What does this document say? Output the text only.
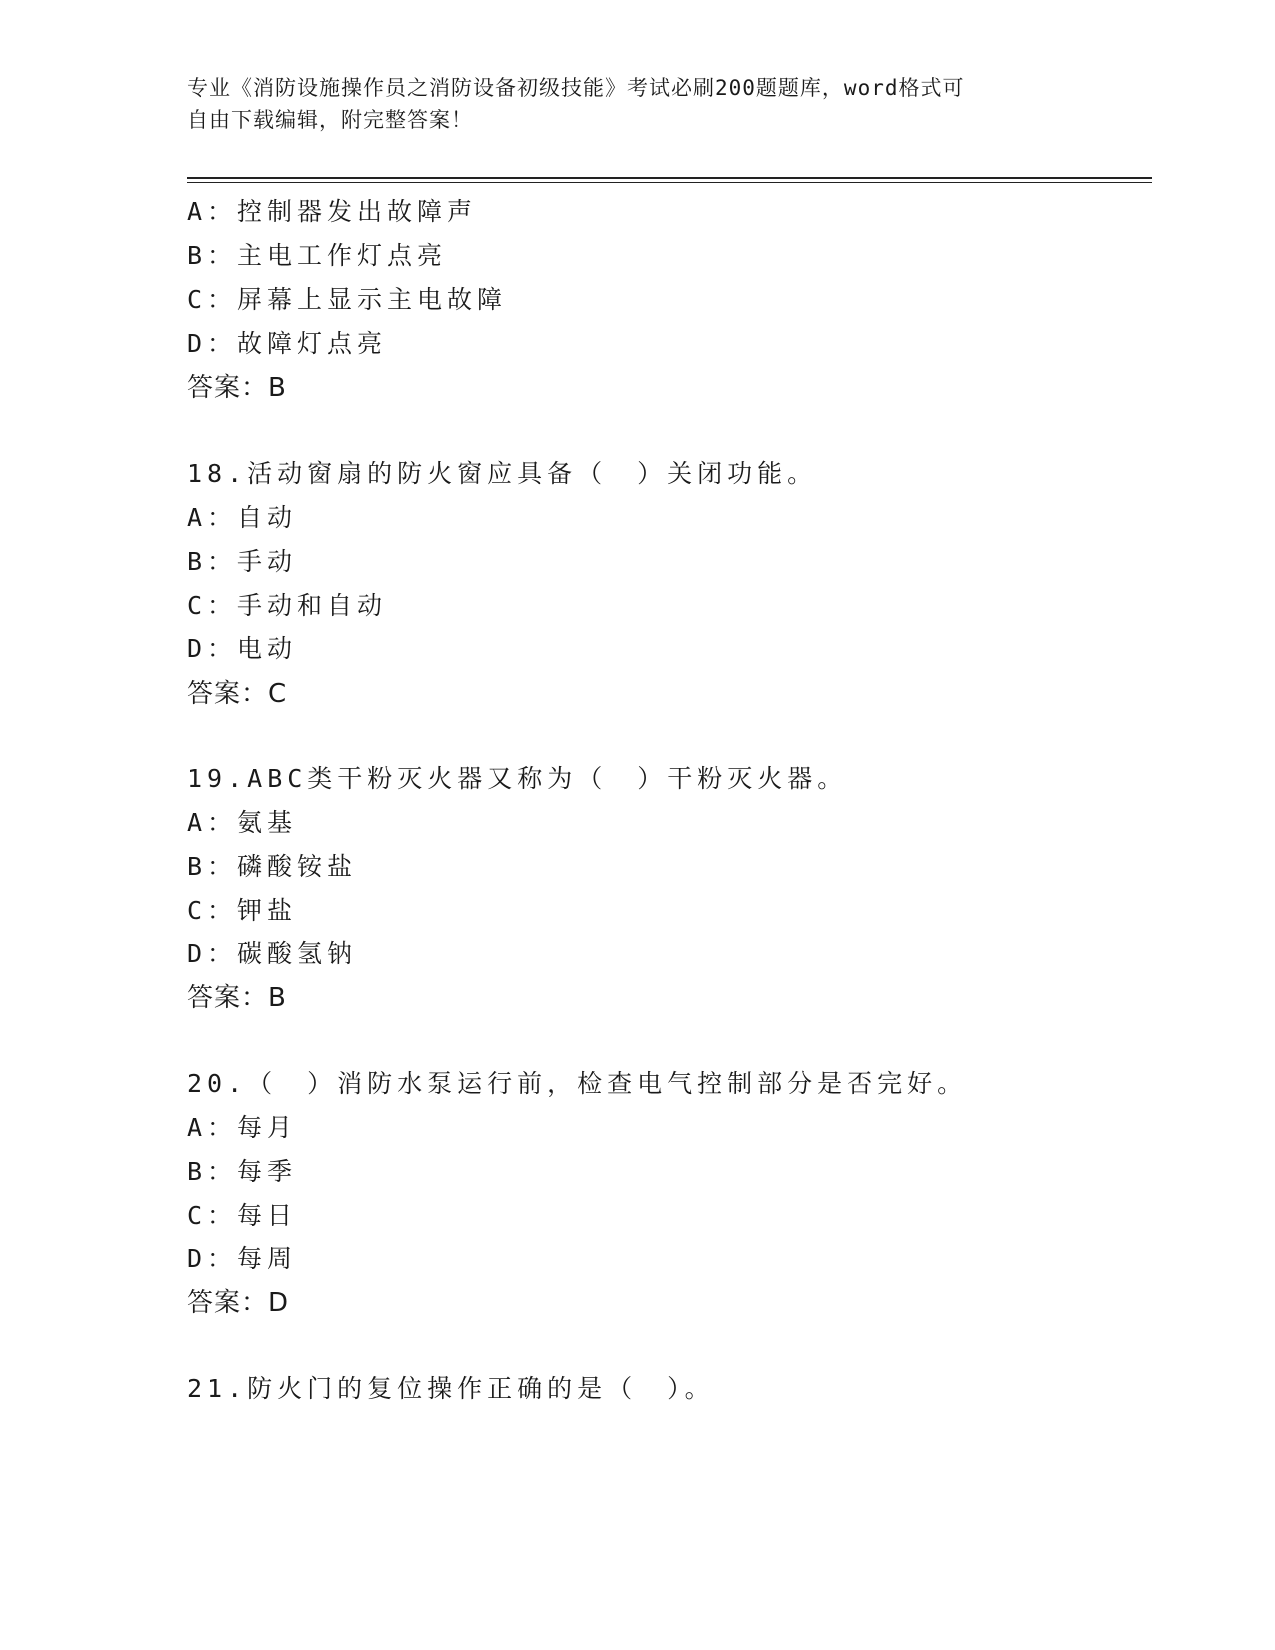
专业《消防设施操作员之消防设备初级技能》考试必刷200题题库，word格式可
自由下载编辑，附完整答案！
A：控制器发出故障声
B：主电工作灯点亮
C：屏幕上显示主电故障
D：故障灯点亮
答案：B
18.活动窗扇的防火窗应具备（　）关闭功能。
A：自动
B：手动
C：手动和自动
D：电动
答案：C
19.ABC类干粉灭火器又称为（　）干粉灭火器。
A：氨基
B：磷酸铵盐
C：钾盐
D：碳酸氢钠
答案：B
20.（　）消防水泵运行前，检查电气控制部分是否完好。
A：每月
B：每季
C：每日
D：每周
答案：D
21.防火门的复位操作正确的是（　）。
